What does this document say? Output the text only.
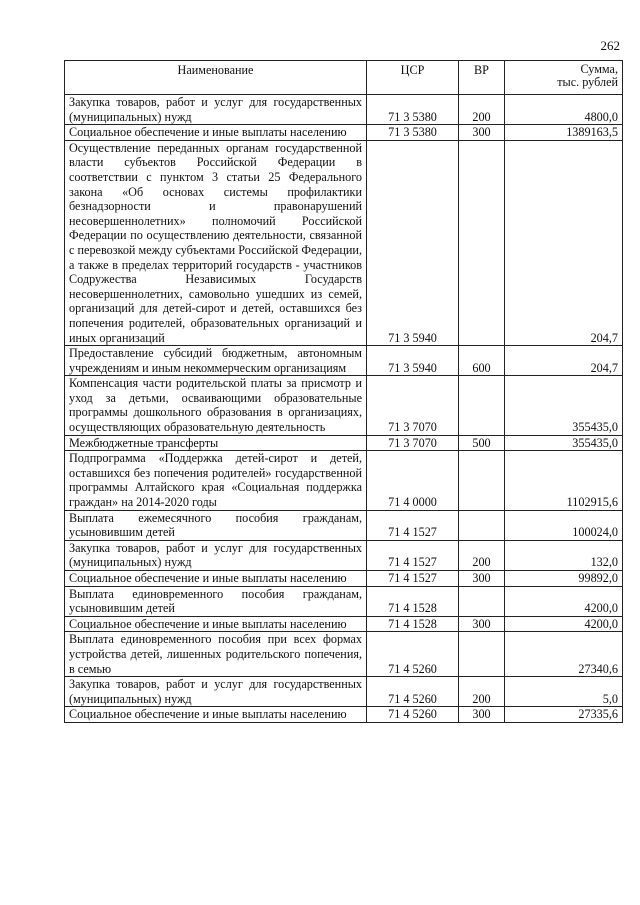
262
Наименование	ЦСР	ВР	Сумма,
тыс. рублей
Закупка товаров, работ и услуг для государственных (муниципальных) нужд	71 3 5380	200	4800,0
Социальное обеспечение и иные выплаты населению	71 3 5380	300	1389163,5
Осуществление переданных органам государственной власти субъектов Российской Федерации в соответствии с пунктом 3 статьи 25 Федерального закона «Об основах системы профилактики безнадзорности и правонарушений несовершеннолетних» полномочий Российской Федерации по осуществлению деятельности, связанной с перевозкой между субъектами Российской Федерации, а также в пределах территорий государств - участников Содружества Независимых Государств несовершеннолетних, самовольно ушедших из семей, организаций для детей-сирот и детей, оставшихся без попечения родителей, образовательных организаций и иных организаций	71 3 5940		204,7
Предоставление субсидий бюджетным, автономным учреждениям и иным некоммерческим организациям	71 3 5940	600	204,7
Компенсация части родительской платы за присмотр и уход за детьми, осваивающими образовательные программы дошкольного образования в организациях, осуществляющих образовательную деятельность	71 3 7070		355435,0
Межбюджетные трансферты	71 3 7070	500	355435,0
Подпрограмма «Поддержка детей-сирот и детей, оставшихся без попечения родителей» государственной программы Алтайского края «Социальная поддержка граждан» на 2014-2020 годы	71 4 0000		1102915,6
Выплата ежемесячного пособия гражданам, усыновившим детей	71 4 1527		100024,0
Закупка товаров, работ и услуг для государственных (муниципальных) нужд	71 4 1527	200	132,0
Социальное обеспечение и иные выплаты населению	71 4 1527	300	99892,0
Выплата единовременного пособия гражданам, усыновившим детей	71 4 1528		4200,0
Социальное обеспечение и иные выплаты населению	71 4 1528	300	4200,0
Выплата единовременного пособия при всех формах устройства детей, лишенных родительского попечения, в семью	71 4 5260		27340,6
Закупка товаров, работ и услуг для государственных (муниципальных) нужд	71 4 5260	200	5,0
Социальное обеспечение и иные выплаты населению	71 4 5260	300	27335,6
